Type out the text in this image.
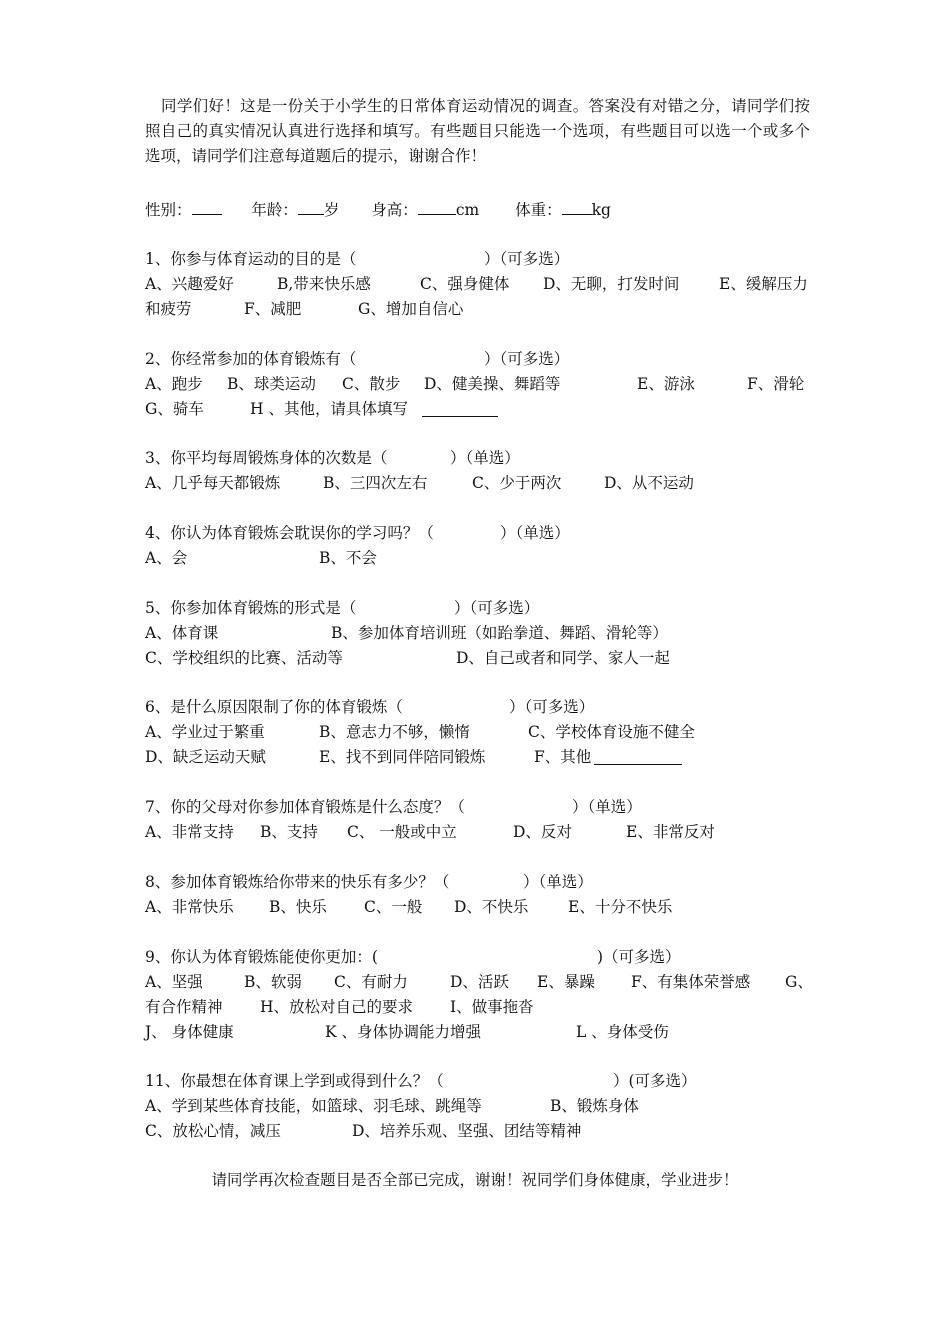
同学们好！这是一份关于小学生的日常体育运动情况的调查。答案没有对错之分，请同学们按照自己的真实情况认真进行选择和填写。有些题目只能选一个选项，有些题目可以选一个或多个选项，请同学们注意每道题后的提示，谢谢合作！
性别：	年龄： 岁 身高： cm 体重： kg
1、你参与体育运动的目的是（	）（可多选）
A、兴趣爱好	B,带来快乐感	C、强身健体 D、无聊，打发时间	E、缓解压力
和疲劳	F、减肥	G、增加自信心
2、你经常参加的体育锻炼有（	）（可多选）
A、跑步 B、球类运动 C、散步 D、健美操、舞蹈等	E、游泳	F、滑轮
G、骑车	H 、其他，请具体填写
3、你平均每周锻炼身体的次数是（	）（单选）
A、几乎每天都锻炼	B、三四次左右	C、少于两次	D、从不运动
4、你认为体育锻炼会耽误你的学习吗？（	）（单选）
A、会	B、不会
5、你参加体育锻炼的形式是（	）（可多选）
A、体育课	B、参加体育培训班（如跆拳道、舞蹈、滑轮等）
C、学校组织的比赛、活动等	D、自己或者和同学、家人一起
6、是什么原因限制了你的体育锻炼（	）（可多选）
A、学业过于繁重	B、意志力不够，懒惰	C、学校体育设施不健全
D、缺乏运动天赋	E、找不到同伴陪同锻炼	F、其他
7、你的父母对你参加体育锻炼是什么态度？（	）（单选）
A、非常支持 B、支持 C、 一般或中立	D、反对	E、非常反对
8、参加体育锻炼给你带来的快乐有多少？（	）（单选）
A、非常快乐 B、快乐 C、一般 D、不快乐	E、十分不快乐
9、你认为体育锻炼能使你更加：(	)（可多选）
A、坚强	B、软弱 C、有耐力	D、活跃 E、暴躁 F、有集体荣誉感 G、
有合作精神 H、放松对自己的要求 I、做事拖沓
J、 身体健康	K 、身体协调能力增强	L 、身体受伤
11、你最想在体育课上学到或得到什么？（	）(可多选）
A、学到某些体育技能，如篮球、羽毛球、跳绳等	B、锻炼身体
C、放松心情，减压	D、培养乐观、坚强、团结等精神
请同学再次检查题目是否全部已完成，谢谢！祝同学们身体健康，学业进步！
